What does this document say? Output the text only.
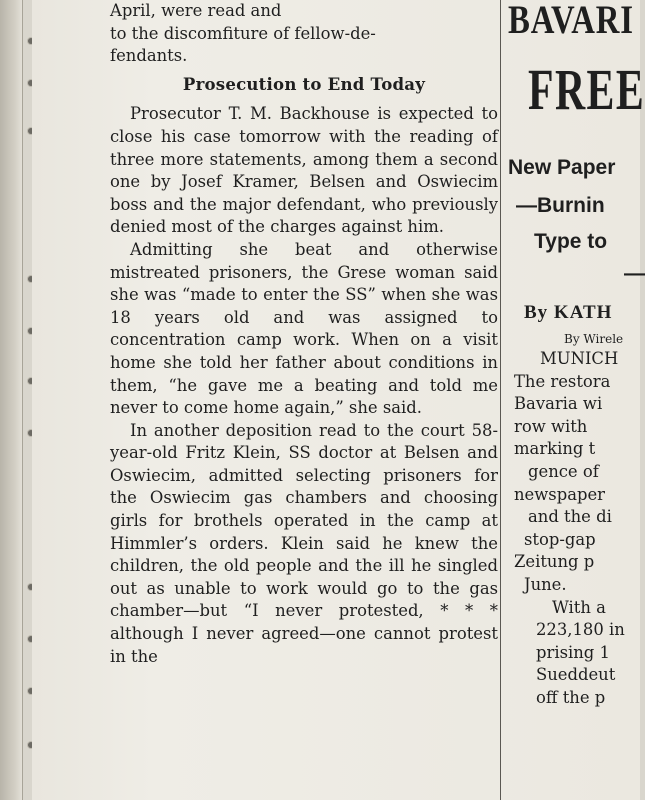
April, were read and

to the discomfiture of fellow-de-

fendants.

Prosecution to End Today

Prosecutor T. M. Backhouse is expected to close his case tomorrow with the reading of three more statements, among them a second one by Josef Kramer, Belsen and Oswiecim boss and the major defendant, who previously denied most of the charges against him.

Admitting she beat and otherwise mistreated prisoners, the Grese woman said she was “made to enter the SS” when she was 18 years old and was assigned to concentration camp work. When on a visit home she told her father about conditions in them, “he gave me a beating and told me never to come home again,” she said.

In another deposition read to the court 58-year-old Fritz Klein, SS doctor at Belsen and Oswiecim, admitted selecting prisoners for the Oswiecim gas chambers and choosing girls for brothels operated in the camp at Himmler’s orders. Klein said he knew the children, the old people and the ill he singled out as unable to work would go to the gas chamber—but “I never protested, * * * although I never agreed—one cannot protest in the

BAVARI
FREE
New Paper
—Burnin
Type to
—
By KATH
By Wirele
MUNICH
The restora
Bavaria wi
row with
marking t
gence of
newspaper
and the di
stop-gap
Zeitung p
June.
With a
223,180 in
prising 1
Sueddeut
off the p
